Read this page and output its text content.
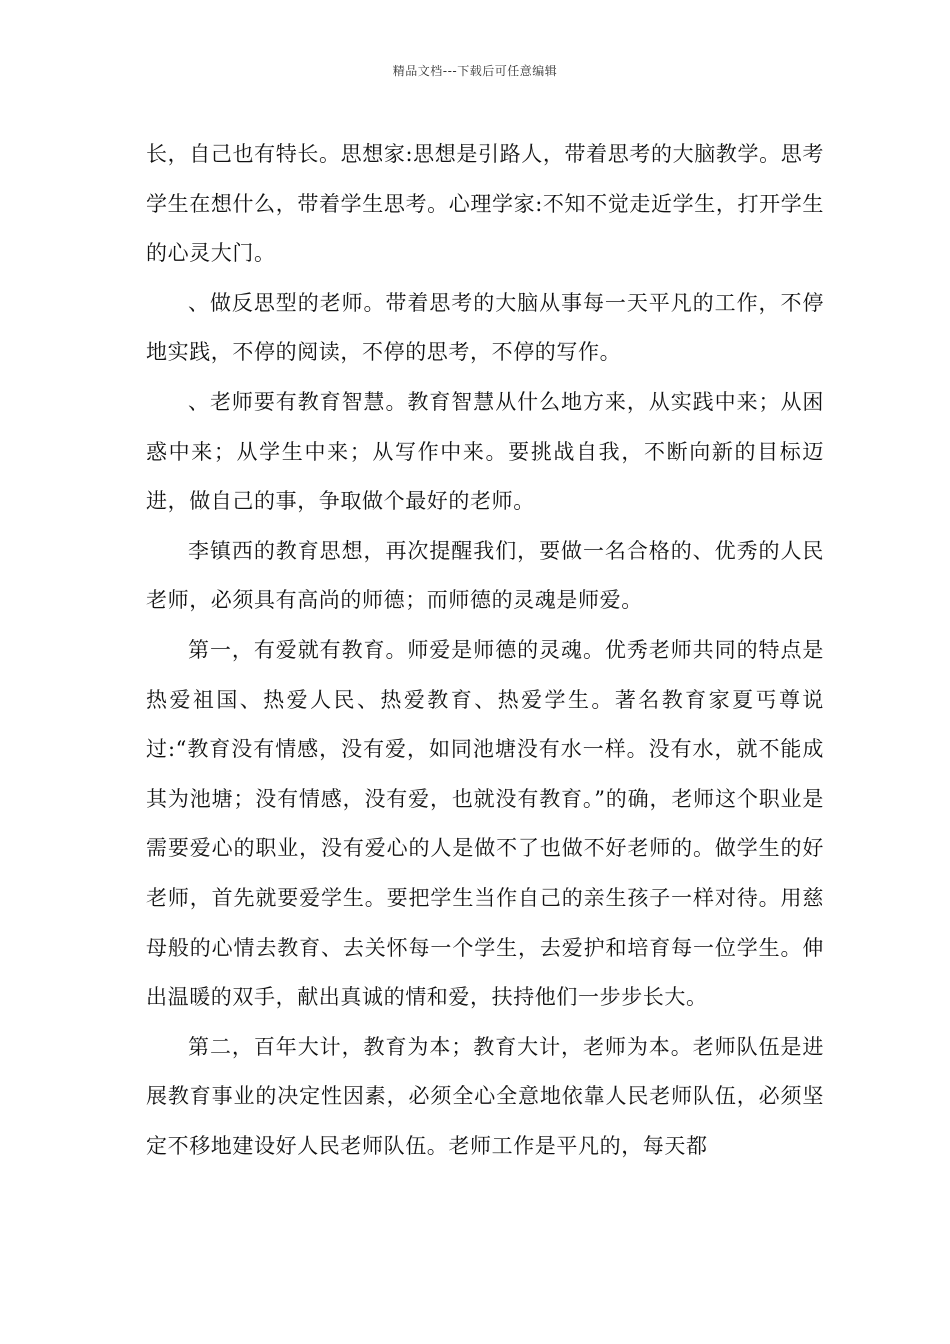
精品文档---下载后可任意编辑

长，自己也有特长。思想家:思想是引路人，带着思考的大脑教学。思考学生在想什么，带着学生思考。心理学家:不知不觉走近学生，打开学生的心灵大门。

、做反思型的老师。带着思考的大脑从事每一天平凡的工作，不停地实践，不停的阅读，不停的思考，不停的写作。

、老师要有教育智慧。教育智慧从什么地方来，从实践中来；从困惑中来；从学生中来；从写作中来。要挑战自我，不断向新的目标迈进，做自己的事，争取做个最好的老师。

李镇西的教育思想，再次提醒我们，要做一名合格的、优秀的人民老师，必须具有高尚的师德；而师德的灵魂是师爱。

第一，有爱就有教育。师爱是师德的灵魂。优秀老师共同的特点是热爱祖国、热爱人民、热爱教育、热爱学生。著名教育家夏丐尊说过:“教育没有情感，没有爱，如同池塘没有水一样。没有水，就不能成其为池塘；没有情感，没有爱，也就没有教育。”的确，老师这个职业是需要爱心的职业，没有爱心的人是做不了也做不好老师的。做学生的好老师，首先就要爱学生。要把学生当作自己的亲生孩子一样对待。用慈母般的心情去教育、去关怀每一个学生，去爱护和培育每一位学生。伸出温暖的双手，献出真诚的情和爱，扶持他们一步步长大。

第二，百年大计，教育为本；教育大计，老师为本。老师队伍是进展教育事业的决定性因素，必须全心全意地依靠人民老师队伍，必须坚定不移地建设好人民老师队伍。老师工作是平凡的，每天都
